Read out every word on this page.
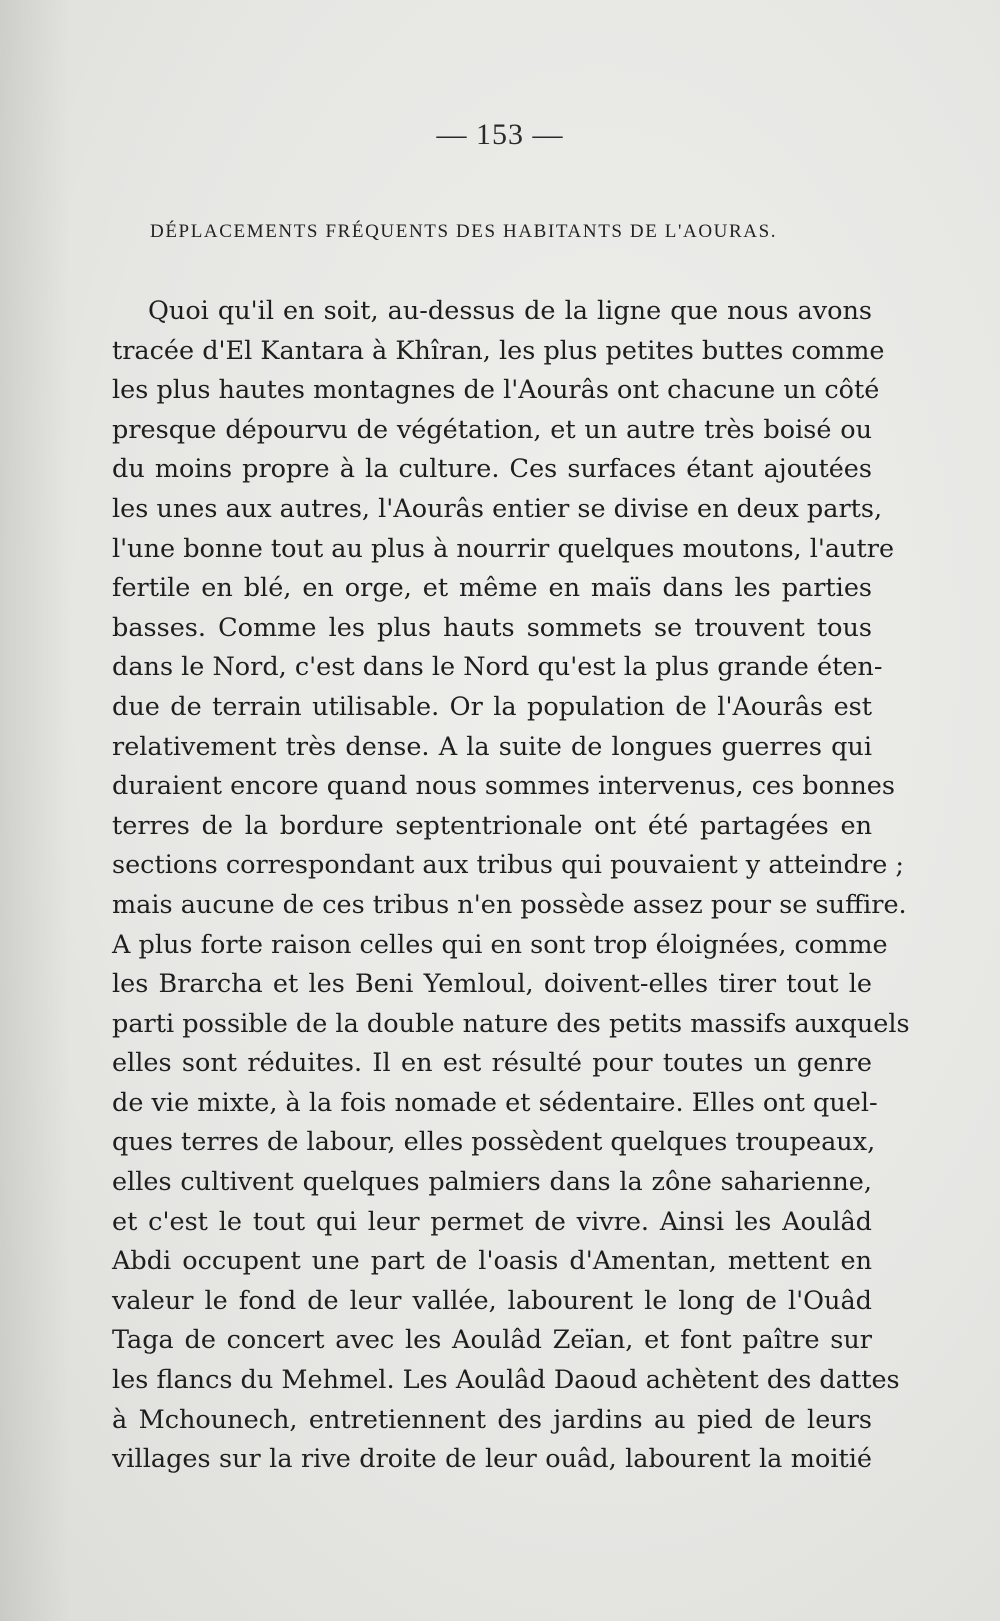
— 153 —
DÉPLACEMENTS FRÉQUENTS DES HABITANTS DE L'AOURAS.

Quoi qu'il en soit, au-dessus de la ligne que nous avons
tracée d'El Kantara à Khîran, les plus petites buttes comme
les plus hautes montagnes de l'Aourâs ont chacune un côté
presque dépourvu de végétation, et un autre très boisé ou
du moins propre à la culture. Ces surfaces étant ajoutées
les unes aux autres, l'Aourâs entier se divise en deux parts,
l'une bonne tout au plus à nourrir quelques moutons, l'autre
fertile en blé, en orge, et même en maïs dans les parties
basses. Comme les plus hauts sommets se trouvent tous
dans le Nord, c'est dans le Nord qu'est la plus grande éten-
due de terrain utilisable. Or la population de l'Aourâs est
relativement très dense. A la suite de longues guerres qui
duraient encore quand nous sommes intervenus, ces bonnes
terres de la bordure septentrionale ont été partagées en
sections correspondant aux tribus qui pouvaient y atteindre ;
mais aucune de ces tribus n'en possède assez pour se suffire.
A plus forte raison celles qui en sont trop éloignées, comme
les Brarcha et les Beni Yemloul, doivent-elles tirer tout le
parti possible de la double nature des petits massifs auxquels
elles sont réduites. Il en est résulté pour toutes un genre
de vie mixte, à la fois nomade et sédentaire. Elles ont quel-
ques terres de labour, elles possèdent quelques troupeaux,
elles cultivent quelques palmiers dans la zône saharienne,
et c'est le tout qui leur permet de vivre. Ainsi les Aoulâd
Abdi occupent une part de l'oasis d'Amentan, mettent en
valeur le fond de leur vallée, labourent le long de l'Ouâd
Taga de concert avec les Aoulâd Zeïan, et font paître sur
les flancs du Mehmel. Les Aoulâd Daoud achètent des dattes
à Mchounech, entretiennent des jardins au pied de leurs
villages sur la rive droite de leur ouâd, labourent la moitié
